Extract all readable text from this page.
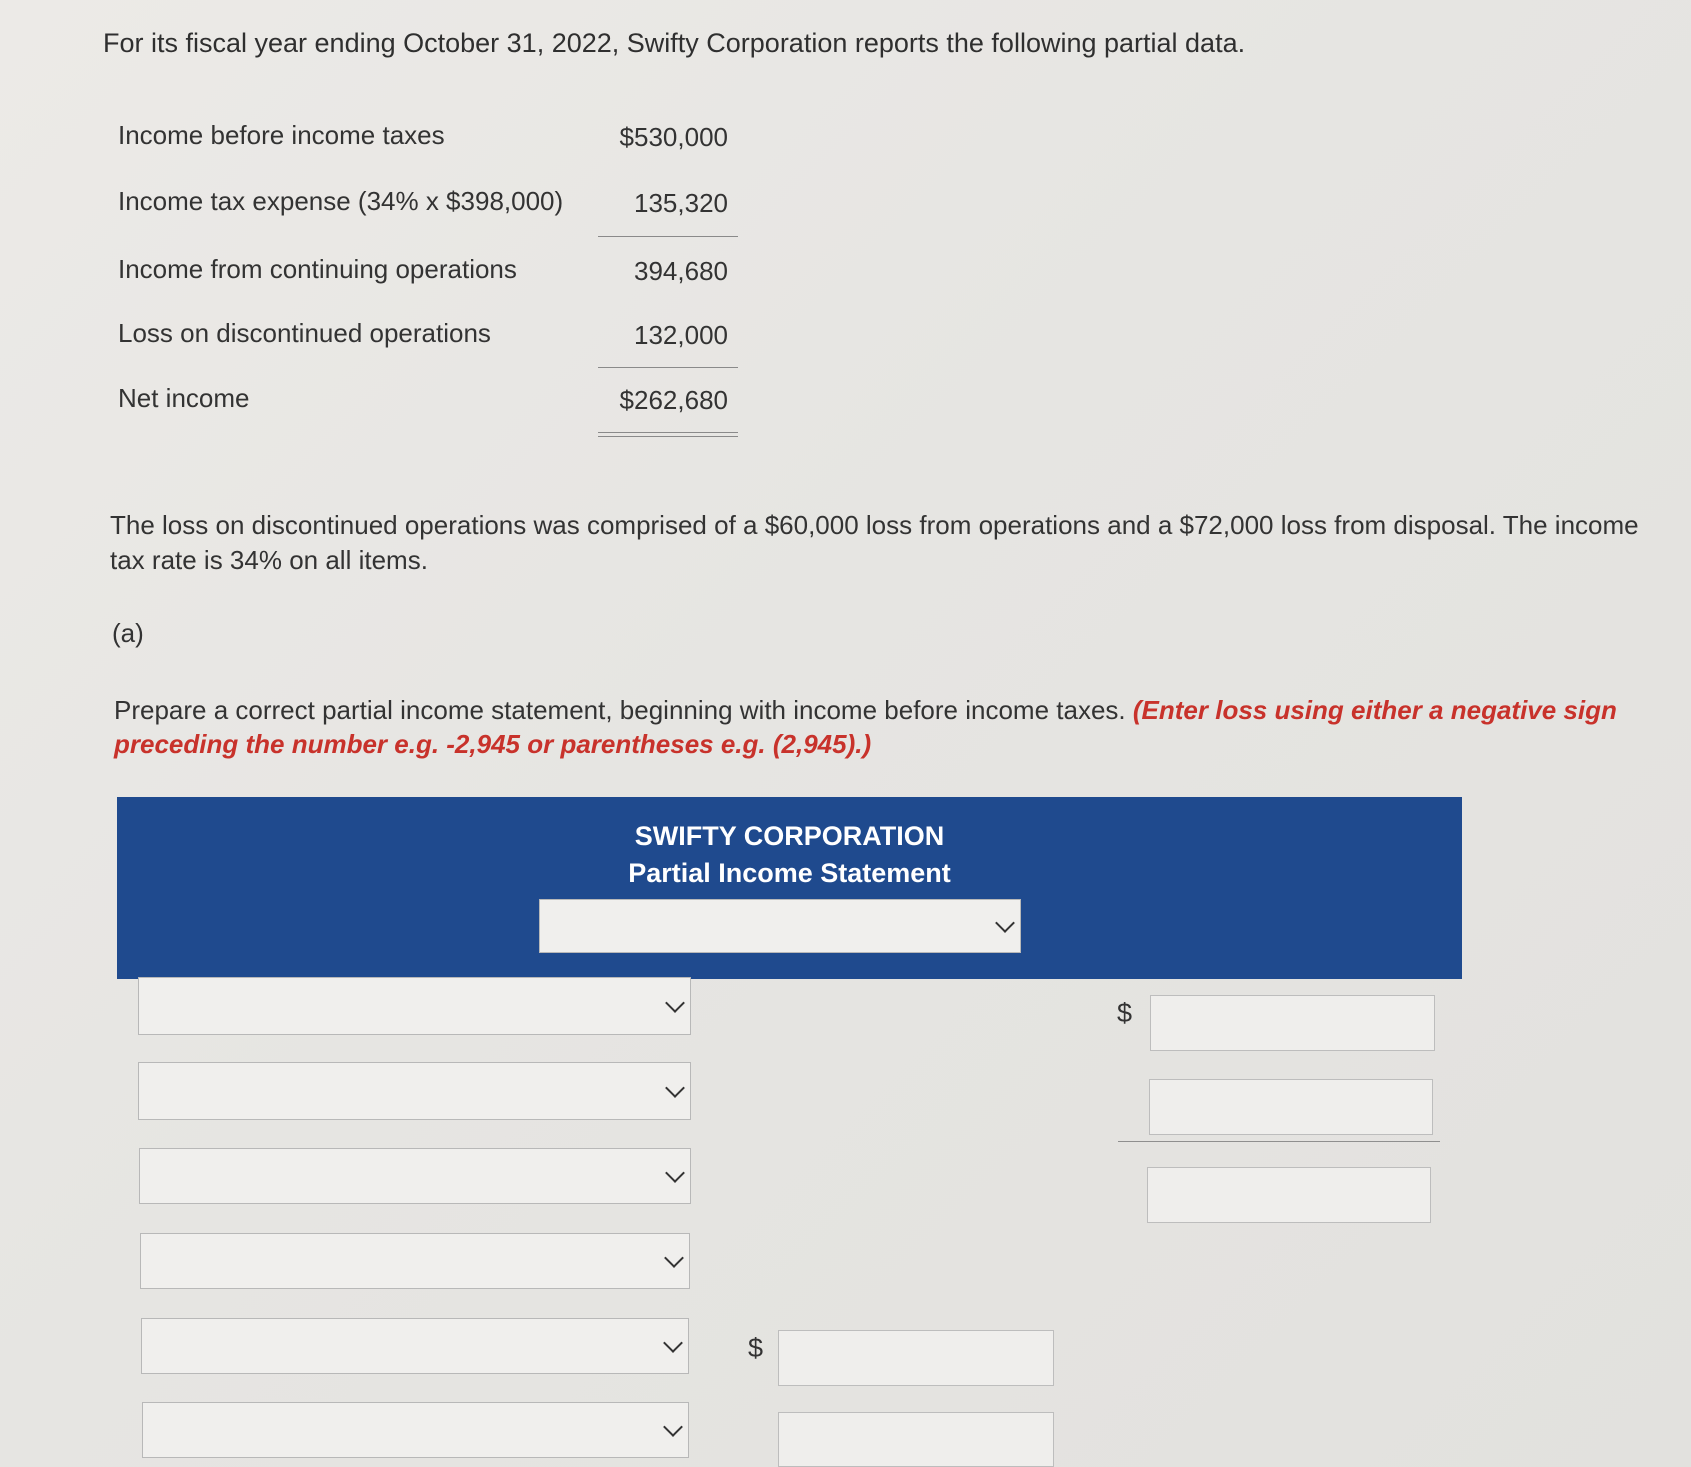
For its fiscal year ending October 31, 2022, Swifty Corporation reports the following partial data.
Income before income taxes	$530,000
Income tax expense (34% x $398,000)	135,320
Income from continuing operations	394,680
Loss on discontinued operations	132,000
Net income	$262,680
The loss on discontinued operations was comprised of a $60,000 loss from operations and a $72,000 loss from disposal. The income tax rate is 34% on all items.
(a)
Prepare a correct partial income statement, beginning with income before income taxes. (Enter loss using either a negative sign preceding the number e.g. -2,945 or parentheses e.g. (2,945).)
SWIFTY CORPORATION
Partial Income Statement
$
$
